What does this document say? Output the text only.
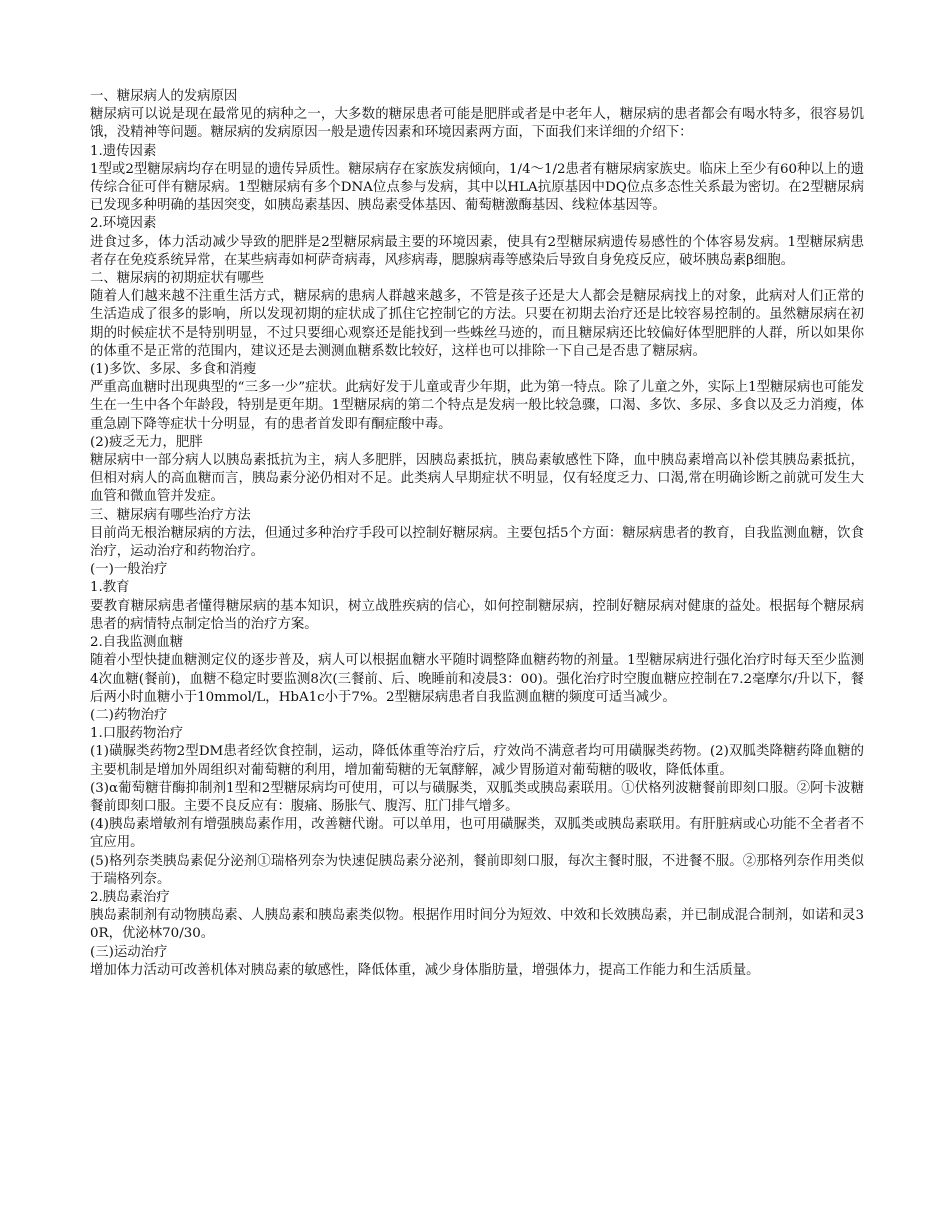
一、糖尿病人的发病原因
糖尿病可以说是现在最常见的病种之一，大多数的糖尿患者可能是肥胖或者是中老年人，糖尿病的患者都会有喝水特多，很容易饥饿，没精神等问题。糖尿病的发病原因一般是遗传因素和环境因素两方面，下面我们来详细的介绍下：
1.遗传因素
1型或2型糖尿病均存在明显的遗传异质性。糖尿病存在家族发病倾向，1/4～1/2患者有糖尿病家族史。临床上至少有60种以上的遗传综合征可伴有糖尿病。1型糖尿病有多个DNA位点参与发病，其中以HLA抗原基因中DQ位点多态性关系最为密切。在2型糖尿病已发现多种明确的基因突变，如胰岛素基因、胰岛素受体基因、葡萄糖激酶基因、线粒体基因等。
2.环境因素
进食过多，体力活动减少导致的肥胖是2型糖尿病最主要的环境因素，使具有2型糖尿病遗传易感性的个体容易发病。1型糖尿病患者存在免疫系统异常，在某些病毒如柯萨奇病毒，风疹病毒，腮腺病毒等感染后导致自身免疫反应，破坏胰岛素β细胞。
二、糖尿病的初期症状有哪些
随着人们越来越不注重生活方式，糖尿病的患病人群越来越多，不管是孩子还是大人都会是糖尿病找上的对象，此病对人们正常的生活造成了很多的影响，所以发现初期的症状成了抓住它控制它的方法。只要在初期去治疗还是比较容易控制的。虽然糖尿病在初期的时候症状不是特别明显，不过只要细心观察还是能找到一些蛛丝马迹的，而且糖尿病还比较偏好体型肥胖的人群，所以如果你的体重不是正常的范围内，建议还是去测测血糖系数比较好，这样也可以排除一下自己是否患了糖尿病。
(1)多饮、多尿、多食和消瘦
严重高血糖时出现典型的“三多一少”症状。此病好发于儿童或青少年期，此为第一特点。除了儿童之外，实际上1型糖尿病也可能发生在一生中各个年龄段，特别是更年期。1型糖尿病的第二个特点是发病一般比较急骤，口渴、多饮、多尿、多食以及乏力消瘦，体重急剧下降等症状十分明显，有的患者首发即有酮症酸中毒。
(2)疲乏无力，肥胖
糖尿病中一部分病人以胰岛素抵抗为主，病人多肥胖，因胰岛素抵抗，胰岛素敏感性下降，血中胰岛素增高以补偿其胰岛素抵抗，但相对病人的高血糖而言，胰岛素分泌仍相对不足。此类病人早期症状不明显，仅有轻度乏力、口渴,常在明确诊断之前就可发生大血管和微血管并发症。
三、糖尿病有哪些治疗方法
目前尚无根治糖尿病的方法，但通过多种治疗手段可以控制好糖尿病。主要包括5个方面：糖尿病患者的教育，自我监测血糖，饮食治疗，运动治疗和药物治疗。
(一)一般治疗
1.教育
要教育糖尿病患者懂得糖尿病的基本知识，树立战胜疾病的信心，如何控制糖尿病，控制好糖尿病对健康的益处。根据每个糖尿病患者的病情特点制定恰当的治疗方案。
2.自我监测血糖
随着小型快捷血糖测定仪的逐步普及，病人可以根据血糖水平随时调整降血糖药物的剂量。1型糖尿病进行强化治疗时每天至少监测4次血糖(餐前)，血糖不稳定时要监测8次(三餐前、后、晚睡前和凌晨3：00)。强化治疗时空腹血糖应控制在7.2毫摩尔/升以下，餐后两小时血糖小于10mmol/L，HbA1c小于7%。2型糖尿病患者自我监测血糖的频度可适当减少。
(二)药物治疗
1.口服药物治疗
(1)磺脲类药物2型DM患者经饮食控制，运动，降低体重等治疗后，疗效尚不满意者均可用磺脲类药物。(2)双胍类降糖药降血糖的主要机制是增加外周组织对葡萄糖的利用，增加葡萄糖的无氧酵解，减少胃肠道对葡萄糖的吸收，降低体重。
(3)α葡萄糖苷酶抑制剂1型和2型糖尿病均可使用，可以与磺脲类，双胍类或胰岛素联用。①伏格列波糖餐前即刻口服。②阿卡波糖餐前即刻口服。主要不良反应有：腹痛、肠胀气、腹泻、肛门排气增多。
(4)胰岛素增敏剂有增强胰岛素作用，改善糖代谢。可以单用，也可用磺脲类，双胍类或胰岛素联用。有肝脏病或心功能不全者者不宜应用。
(5)格列奈类胰岛素促分泌剂①瑞格列奈为快速促胰岛素分泌剂，餐前即刻口服，每次主餐时服，不进餐不服。②那格列奈作用类似于瑞格列奈。
2.胰岛素治疗
胰岛素制剂有动物胰岛素、人胰岛素和胰岛素类似物。根据作用时间分为短效、中效和长效胰岛素，并已制成混合制剂，如诺和灵30R，优泌林70/30。
(三)运动治疗
增加体力活动可改善机体对胰岛素的敏感性，降低体重，减少身体脂肪量，增强体力，提高工作能力和生活质量。
